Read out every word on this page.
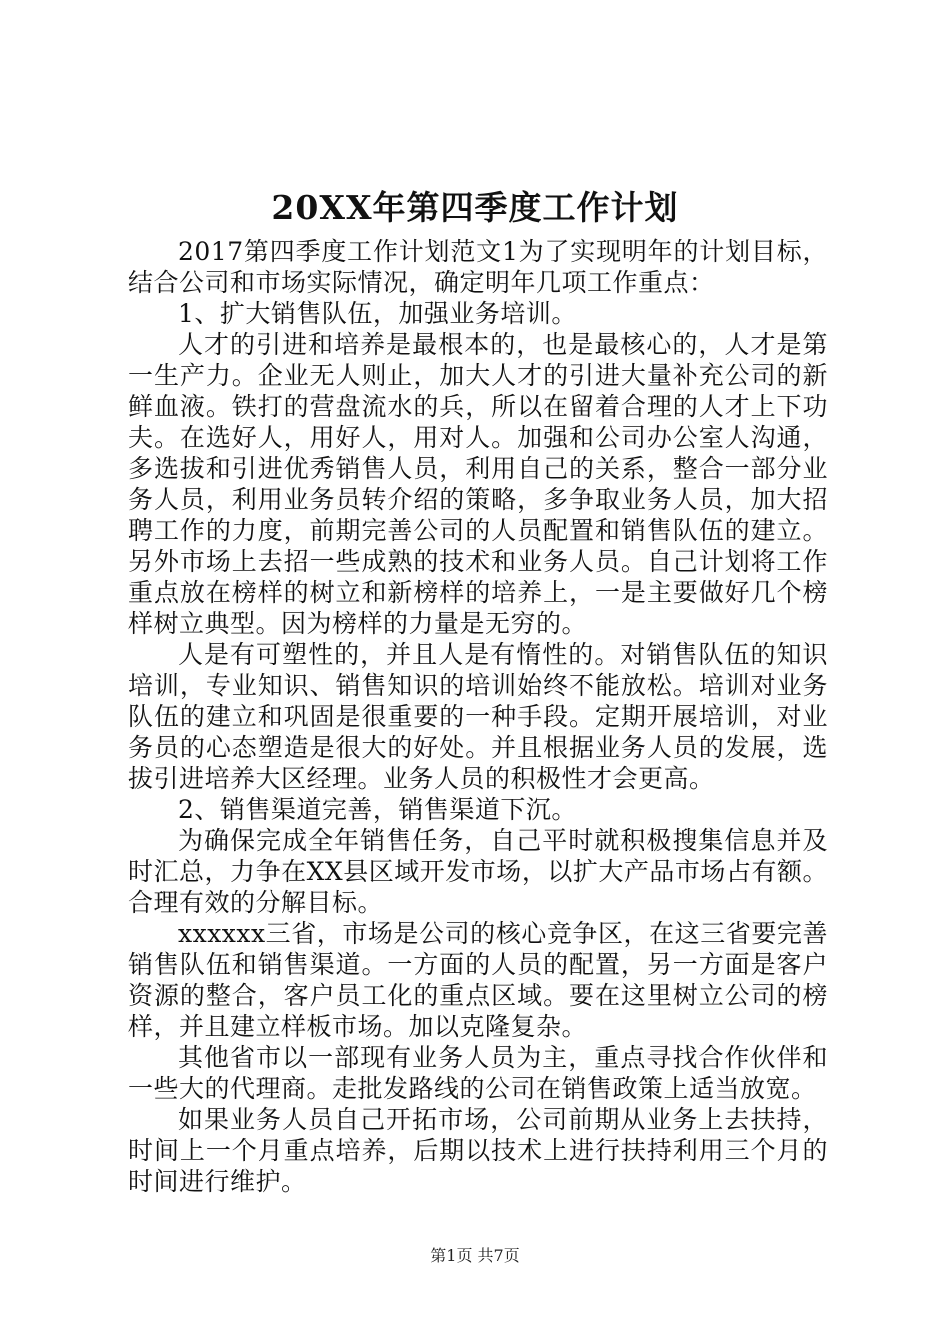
20XX年第四季度工作计划

2017第四季度工作计划范文1为了实现明年的计划目标，结合公司和市场实际情况，确定明年几项工作重点：

1、扩大销售队伍，加强业务培训。

人才的引进和培养是最根本的，也是最核心的，人才是第一生产力。企业无人则止，加大人才的引进大量补充公司的新鲜血液。铁打的营盘流水的兵，所以在留着合理的人才上下功夫。在选好人，用好人，用对人。加强和公司办公室人沟通，多选拔和引进优秀销售人员，利用自己的关系，整合一部分业务人员，利用业务员转介绍的策略，多争取业务人员，加大招聘工作的力度，前期完善公司的人员配置和销售队伍的建立。另外市场上去招一些成熟的技术和业务人员。自己计划将工作重点放在榜样的树立和新榜样的培养上，一是主要做好几个榜样树立典型。因为榜样的力量是无穷的。

人是有可塑性的，并且人是有惰性的。对销售队伍的知识培训，专业知识、销售知识的培训始终不能放松。培训对业务队伍的建立和巩固是很重要的一种手段。定期开展培训，对业务员的心态塑造是很大的好处。并且根据业务人员的发展，选拔引进培养大区经理。业务人员的积极性才会更高。

2、销售渠道完善，销售渠道下沉。

为确保完成全年销售任务，自己平时就积极搜集信息并及时汇总，力争在XX县区域开发市场，以扩大产品市场占有额。合理有效的分解目标。

xxxxxx三省，市场是公司的核心竞争区，在这三省要完善销售队伍和销售渠道。一方面的人员的配置，另一方面是客户资源的整合，客户员工化的重点区域。要在这里树立公司的榜样，并且建立样板市场。加以克隆复杂。

其他省市以一部现有业务人员为主，重点寻找合作伙伴和一些大的代理商。走批发路线的公司在销售政策上适当放宽。

如果业务人员自己开拓市场，公司前期从业务上去扶持，时间上一个月重点培养，后期以技术上进行扶持利用三个月的时间进行维护。

第1页 共7页
